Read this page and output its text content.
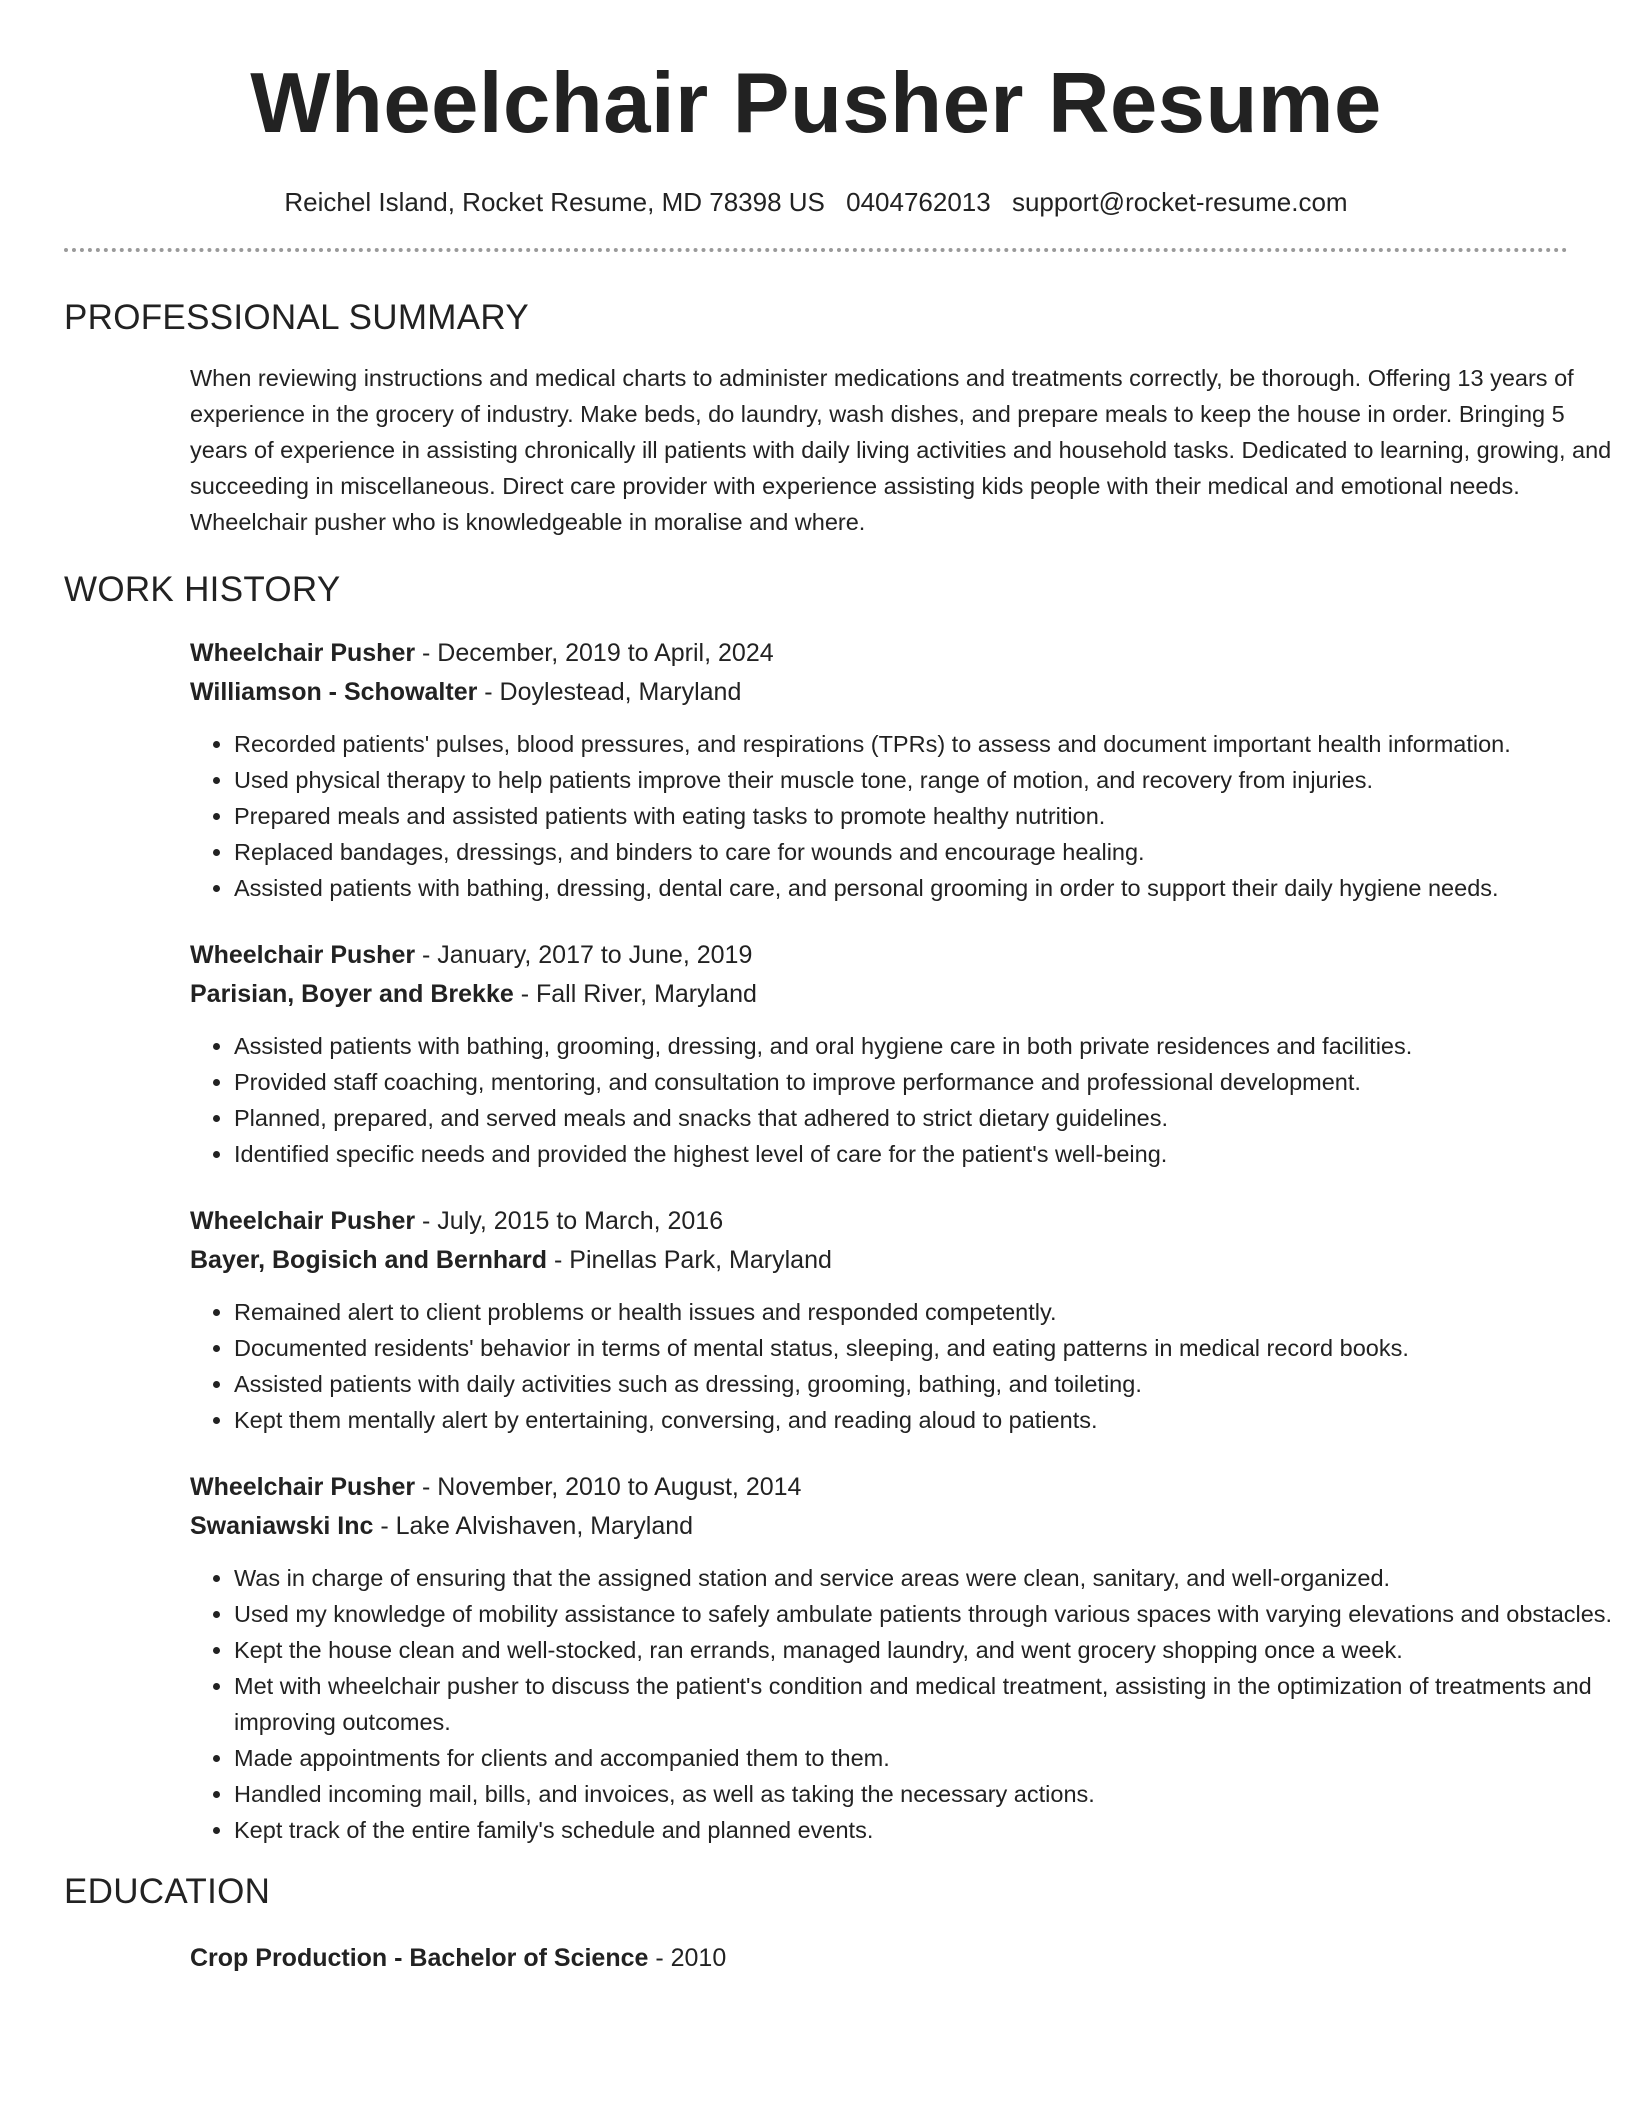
Wheelchair Pusher Resume
Reichel Island, Rocket Resume, MD 78398 US 0404762013 support@rocket-resume.com
PROFESSIONAL SUMMARY

When reviewing instructions and medical charts to administer medications and treatments correctly, be thorough. Offering 13 years of experience in the grocery of industry. Make beds, do laundry, wash dishes, and prepare meals to keep the house in order. Bringing 5 years of experience in assisting chronically ill patients with daily living activities and household tasks. Dedicated to learning, growing, and succeeding in miscellaneous. Direct care provider with experience assisting kids people with their medical and emotional needs. Wheelchair pusher who is knowledgeable in moralise and where.

WORK HISTORY
Wheelchair Pusher - December, 2019 to April, 2024
Williamson - Schowalter - Doylestead, Maryland
• Recorded patients' pulses, blood pressures, and respirations (TPRs) to assess and document important health information.
• Used physical therapy to help patients improve their muscle tone, range of motion, and recovery from injuries.
• Prepared meals and assisted patients with eating tasks to promote healthy nutrition.
• Replaced bandages, dressings, and binders to care for wounds and encourage healing.
• Assisted patients with bathing, dressing, dental care, and personal grooming in order to support their daily hygiene needs.
Wheelchair Pusher - January, 2017 to June, 2019
Parisian, Boyer and Brekke - Fall River, Maryland
• Assisted patients with bathing, grooming, dressing, and oral hygiene care in both private residences and facilities.
• Provided staff coaching, mentoring, and consultation to improve performance and professional development.
• Planned, prepared, and served meals and snacks that adhered to strict dietary guidelines.
• Identified specific needs and provided the highest level of care for the patient's well-being.
Wheelchair Pusher - July, 2015 to March, 2016
Bayer, Bogisich and Bernhard - Pinellas Park, Maryland
• Remained alert to client problems or health issues and responded competently.
• Documented residents' behavior in terms of mental status, sleeping, and eating patterns in medical record books.
• Assisted patients with daily activities such as dressing, grooming, bathing, and toileting.
• Kept them mentally alert by entertaining, conversing, and reading aloud to patients.
Wheelchair Pusher - November, 2010 to August, 2014
Swaniawski Inc - Lake Alvishaven, Maryland
• Was in charge of ensuring that the assigned station and service areas were clean, sanitary, and well-organized.
• Used my knowledge of mobility assistance to safely ambulate patients through various spaces with varying elevations and obstacles.
• Kept the house clean and well-stocked, ran errands, managed laundry, and went grocery shopping once a week.
• Met with wheelchair pusher to discuss the patient's condition and medical treatment, assisting in the optimization of treatments and improving outcomes.
• Made appointments for clients and accompanied them to them.
• Handled incoming mail, bills, and invoices, as well as taking the necessary actions.
• Kept track of the entire family's schedule and planned events.
EDUCATION
Crop Production - Bachelor of Science - 2010
